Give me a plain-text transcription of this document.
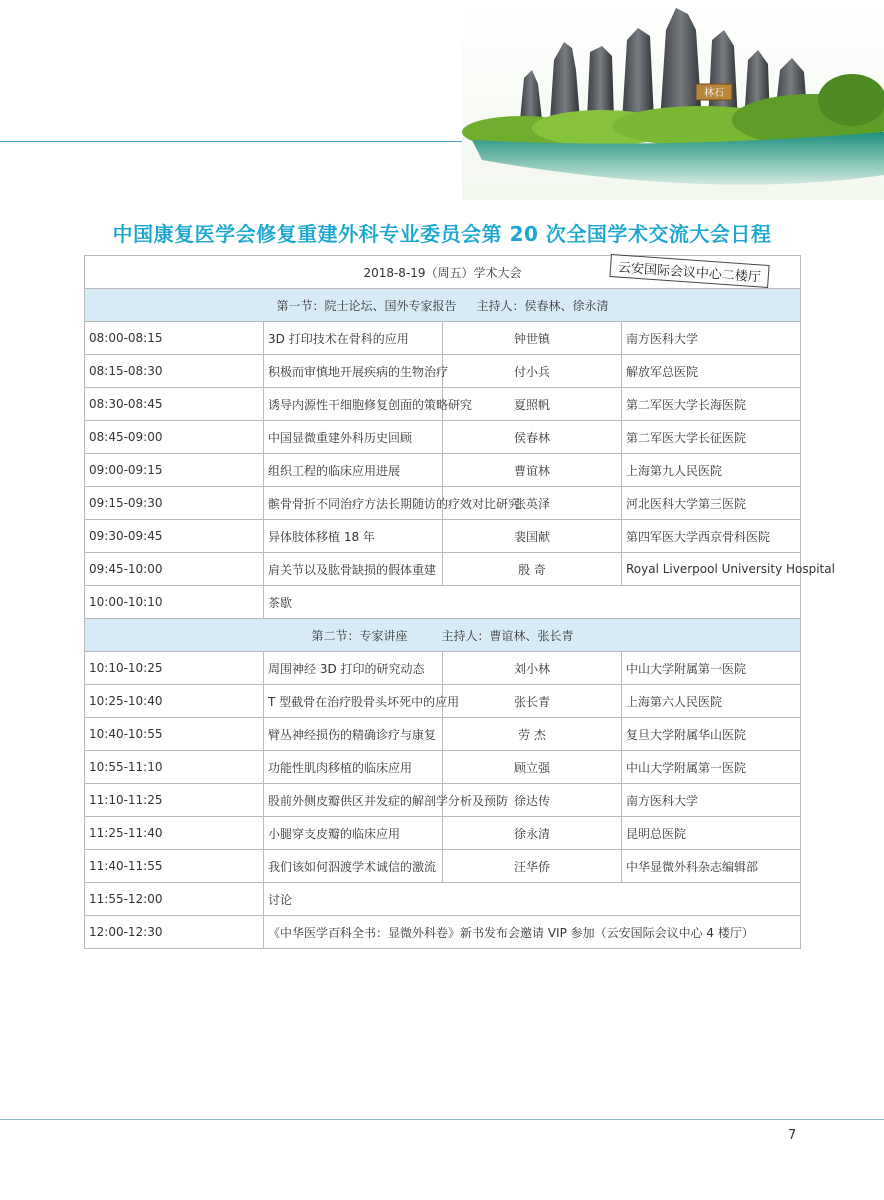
林石
中国康复医学会修复重建外科专业委员会第 20 次全国学术交流大会日程
2018-8-19（周五）学术大会			
第一节：院士论坛、国外专家报告 主持人：侯春林、徐永清			
08:00-08:15	3D 打印技术在骨科的应用	钟世镇	南方医科大学
08:15-08:30	积极而审慎地开展疾病的生物治疗	付小兵	解放军总医院
08:30-08:45	诱导内源性干细胞修复创面的策略研究	夏照帆	第二军医大学长海医院
08:45-09:00	中国显微重建外科历史回顾	侯春林	第二军医大学长征医院
09:00-09:15	组织工程的临床应用进展	曹谊林	上海第九人民医院
09:15-09:30	髌骨骨折不同治疗方法长期随访的疗效对比研究	张英泽	河北医科大学第三医院
09:30-09:45	异体肢体移植 18 年	裴国献	第四军医大学西京骨科医院
09:45-10:00	肩关节以及肱骨缺损的假体重建	殷 奇	Royal Liverpool University Hospital
10:00-10:10	茶歇		
第二节：专家讲座 主持人：曹谊林、张长青			
10:10-10:25	周围神经 3D 打印的研究动态	刘小林	中山大学附属第一医院
10:25-10:40	T 型截骨在治疗股骨头坏死中的应用	张长青	上海第六人民医院
10:40-10:55	臂丛神经损伤的精确诊疗与康复	劳 杰	复旦大学附属华山医院
10:55-11:10	功能性肌肉移植的临床应用	顾立强	中山大学附属第一医院
11:10-11:25	股前外侧皮瓣供区并发症的解剖学分析及预防	徐达传	南方医科大学
11:25-11:40	小腿穿支皮瓣的临床应用	徐永清	昆明总医院
11:40-11:55	我们该如何泅渡学术诚信的激流	汪华侨	中华显微外科杂志编辑部
11:55-12:00	讨论		
12:00-12:30	《中华医学百科全书：显微外科卷》新书发布会邀请 VIP 参加（云安国际会议中心 4 楼厅）		
云安国际会议中心二楼厅
7
